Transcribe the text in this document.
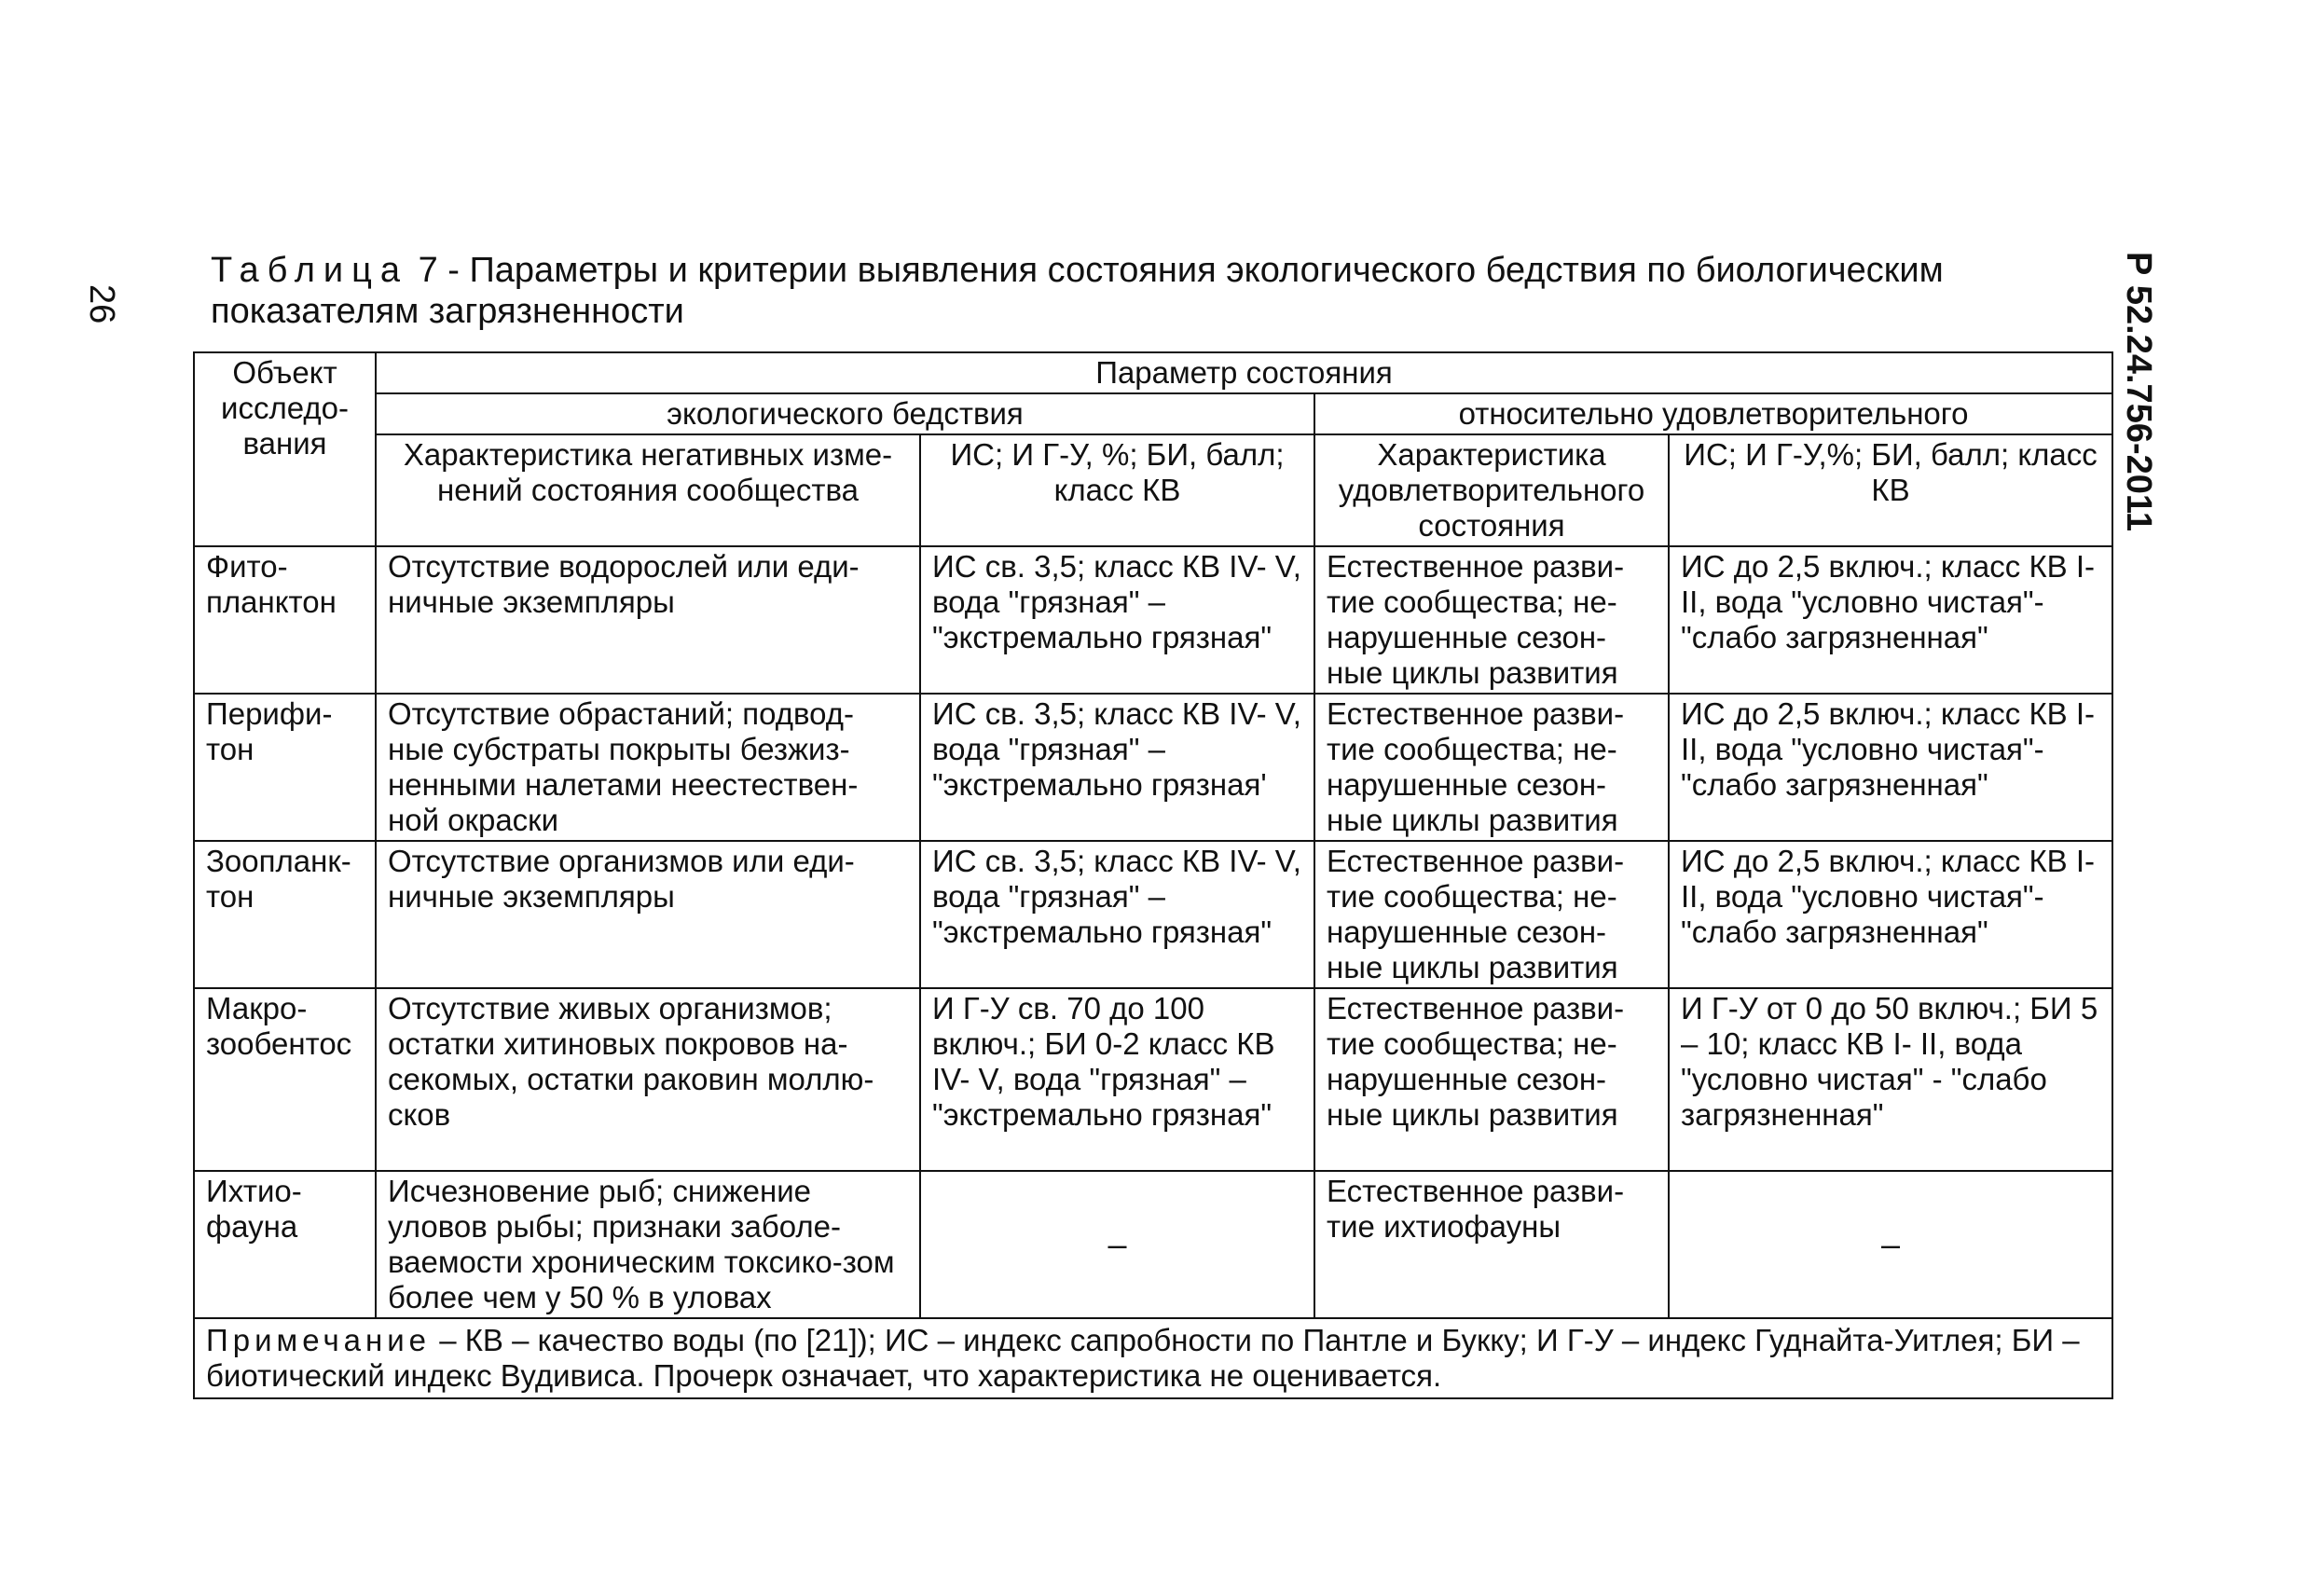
26	Р 52.24.756-2011
Таблица 7 - Параметры и критерии выявления состояния экологического бедствия по биологическим показателям загрязненности
Объект исследо-вания	Параметр состояния			
	экологического бедствия		относительно удовлетворительного	
	Характеристика негативных изме-нений состояния сообщества	ИС; И Г-У, %; БИ, балл; класс КВ	Характеристика удовлетворительного состояния	ИС; И Г-У,%; БИ, балл; класс КВ
Фито-планктон	Отсутствие водорослей или еди-ничные экземпляры	ИС св. 3,5; класс КВ IV- V, вода "грязная" – "экстремально грязная"	Естественное разви-тие сообщества; не-нарушенные сезон-ные циклы развития	ИС до 2,5 включ.; класс КВ I- II, вода "условно чистая"-"слабо загрязненная"
Перифи-тон	Отсутствие обрастаний; подвод-ные субстраты покрыты безжиз-ненными налетами неестествен-ной окраски	ИС св. 3,5; класс КВ IV- V, вода "грязная" – "экстремально грязная'	Естественное разви-тие сообщества; не-нарушенные сезон-ные циклы развития	ИС до 2,5 включ.; класс КВ I- II, вода "условно чистая"-"слабо загрязненная"
Зоопланк-тон	Отсутствие организмов или еди-ничные экземпляры	ИС св. 3,5; класс КВ IV- V, вода "грязная" – "экстремально грязная"	Естественное разви-тие сообщества; не-нарушенные сезон-ные циклы развития	ИС до 2,5 включ.; класс КВ I- II, вода "условно чистая"-"слабо загрязненная"
Макро-зообентос	Отсутствие живых организмов; остатки хитиновых покровов на-секомых, остатки раковин моллю-сков	И Г-У св. 70 до 100 включ.; БИ 0-2 класс КВ IV- V, вода "грязная" – "экстремально грязная"	Естественное разви-тие сообщества; не-нарушенные сезон-ные циклы развития	И Г-У от 0 до 50 включ.; БИ 5 – 10; класс КВ I- II, вода "условно чистая" - "слабо загрязненная"
Ихтио-фауна	Исчезновение рыб; снижение уловов рыбы; признаки заболе-ваемости хроническим токсико-зом более чем у 50 % в уловах	–	Естественное разви-тие ихтиофауны	–
Примечание – КВ – качество воды (по [21]); ИС – индекс сапробности по Пантле и Букку; И Г-У – индекс Гуднайта-Уитлея; БИ – биотический индекс Вудивиса. Прочерк означает, что характеристика не оценивается.				
